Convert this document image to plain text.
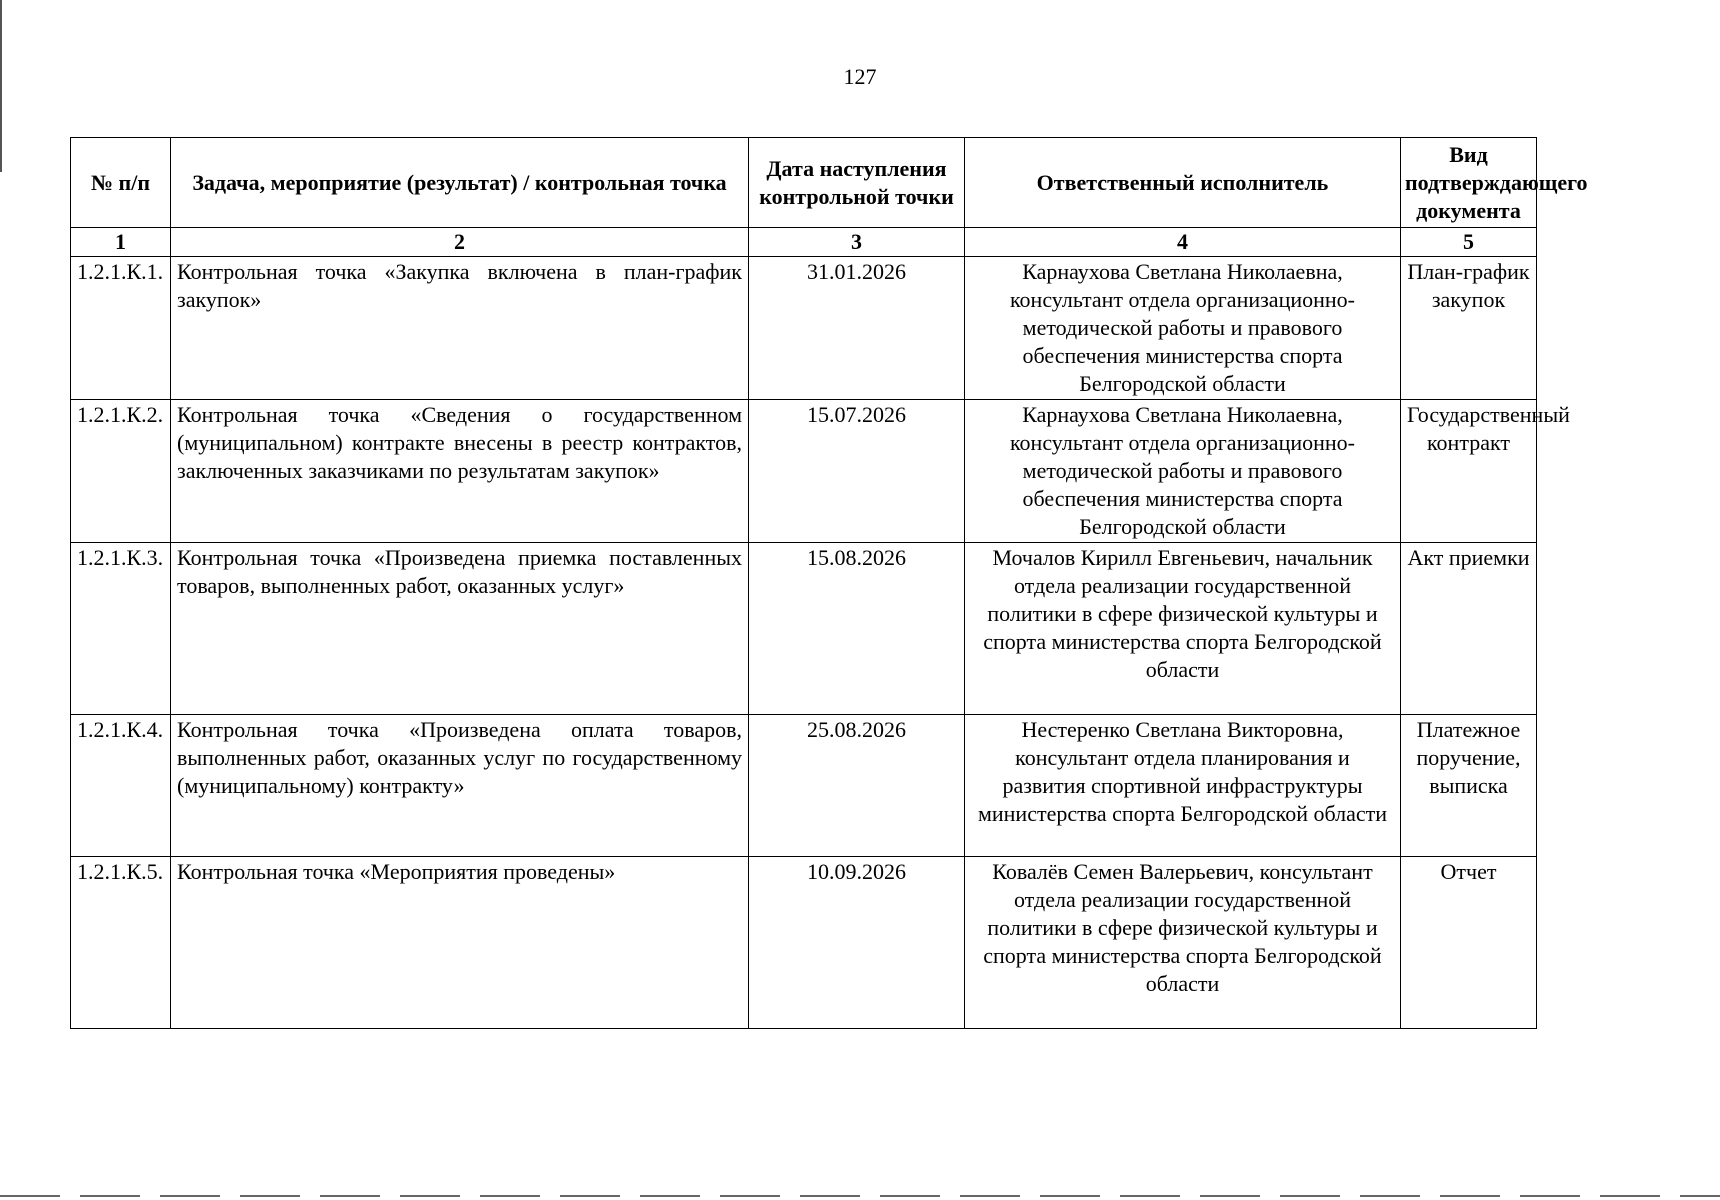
127
№ п/п	Задача, мероприятие (результат) / контрольная точка	Дата наступления контрольной точки	Ответственный исполнитель	Вид подтверждающего документа
1	2	3	4	5
1.2.1.К.1.	Контрольная точка «Закупка включена в план-график закупок»	31.01.2026	Карнаухова Светлана Николаевна, консультант отдела организационно-методической работы и правового обеспечения министерства спорта Белгородской области	План-график закупок
1.2.1.К.2.	Контрольная точка «Сведения о государственном (муниципальном) контракте внесены в реестр контрактов, заключенных заказчиками по результатам закупок»	15.07.2026	Карнаухова Светлана Николаевна, консультант отдела организационно-методической работы и правового обеспечения министерства спорта Белгородской области	Государственный контракт
1.2.1.К.3.	Контрольная точка «Произведена приемка поставленных товаров, выполненных работ, оказанных услуг»	15.08.2026	Мочалов Кирилл Евгеньевич, начальник отдела реализации государственной политики в сфере физической культуры и спорта министерства спорта Белгородской области	Акт приемки
1.2.1.К.4.	Контрольная точка «Произведена оплата товаров, выполненных работ, оказанных услуг по государственному (муниципальному) контракту»	25.08.2026	Нестеренко Светлана Викторовна, консультант отдела планирования и развития спортивной инфраструктуры министерства спорта Белгородской области	Платежное поручение, выписка
1.2.1.К.5.	Контрольная точка «Мероприятия проведены»	10.09.2026	Ковалёв Семен Валерьевич, консультант отдела реализации государственной политики в сфере физической культуры и спорта министерства спорта Белгородской области	Отчет
